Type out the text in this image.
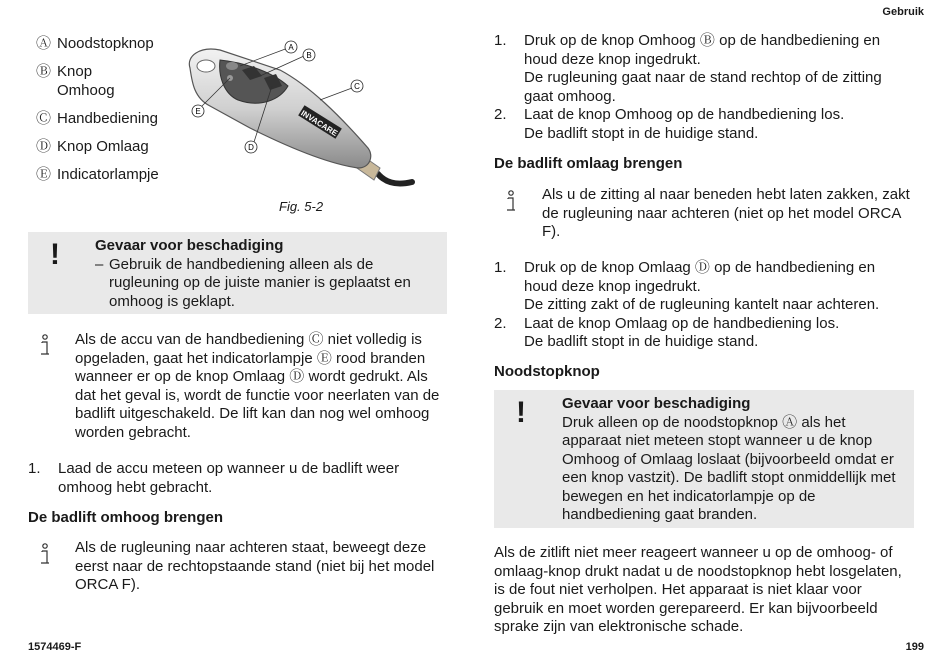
Gebruik
1574469-F	199
Ⓐ Noodstopknop
Ⓑ Knop Omhoog
Ⓒ Handbediening
Ⓓ Knop Omlaag
Ⓔ Indicatorlampje
INVACARE
A
B
C
E
D
Fig. 5-2
! Gevaar voor beschadiging
– Gebruik de handbediening alleen als de rugleuning op de juiste manier is geplaatst en omhoog is geklapt.
Als de accu van de handbediening Ⓒ niet volledig is opgeladen, gaat het indicatorlampje Ⓔ rood branden wanneer er op de knop Omlaag Ⓓ wordt gedrukt. Als dat het geval is, wordt de functie voor neerlaten van de badlift uitgeschakeld. De lift kan dan nog wel omhoog worden gebracht.
1.	Laad de accu meteen op wanneer u de badlift weer omhoog hebt gebracht.
De badlift omhoog brengen
Als de rugleuning naar achteren staat, beweegt deze eerst naar de rechtopstaande stand (niet bij het model ORCA F).
1.	Druk op de knop Omhoog Ⓑ op de handbediening en houd deze knop ingedrukt.
De rugleuning gaat naar de stand rechtop of de zitting gaat omhoog.
2.	Laat de knop Omhoog op de handbediening los.
De badlift stopt in de huidige stand.
De badlift omlaag brengen
Als u de zitting al naar beneden hebt laten zakken, zakt de rugleuning naar achteren (niet op het model ORCA F).
1.	Druk op de knop Omlaag Ⓓ op de handbediening en houd deze knop ingedrukt.
De zitting zakt of de rugleuning kantelt naar achteren.
2.	Laat de knop Omlaag op de handbediening los.
De badlift stopt in de huidige stand.
Noodstopknop
! Gevaar voor beschadiging
Druk alleen op de noodstopknop Ⓐ als het apparaat niet meteen stopt wanneer u de knop Omhoog of Omlaag loslaat (bijvoorbeeld omdat er een knop vastzit). De badlift stopt onmiddellijk met bewegen en het indicatorlampje op de handbediening gaat branden.
Als de zitlift niet meer reageert wanneer u op de omhoog- of omlaag-knop drukt nadat u de noodstopknop hebt losgelaten, is de fout niet verholpen. Het apparaat is niet klaar voor gebruik en moet worden gerepareerd. Er kan bijvoorbeeld sprake zijn van elektronische schade.
